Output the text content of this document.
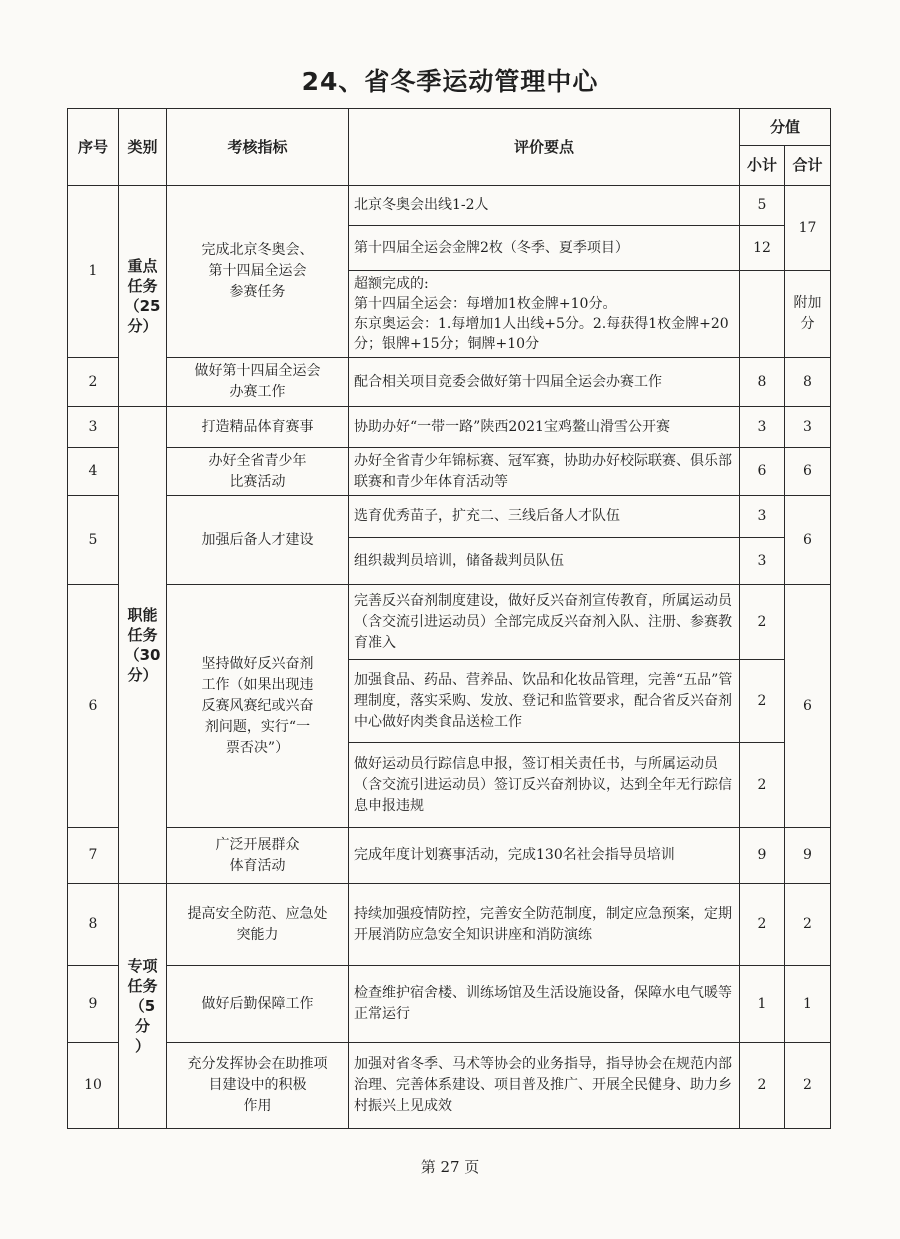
24、省冬季运动管理中心
序号	类别	考核指标	评价要点	分值	
				小计	合计
1	重点
任务
（25
分）	完成北京冬奥会、
第十四届全运会
参赛任务	北京冬奥会出线1-2人	5	17
			第十四届全运会金牌2枚（冬季、夏季项目）	12	
			超额完成的:
第十四届全运会：每增加1枚金牌+10分。
东京奥运会：1.每增加1人出线+5分。2.每获得1枚金牌+20分；银牌+15分；铜牌+10分		附加
分
2		做好第十四届全运会
办赛工作	配合相关项目竞委会做好第十四届全运会办赛工作	8	8
3	职能
任务
（30
分）	打造精品体育赛事	协助办好“一带一路”陕西2021宝鸡鳌山滑雪公开赛	3	3
4		办好全省青少年
比赛活动	办好全省青少年锦标赛、冠军赛，协助办好校际联赛、俱乐部联赛和青少年体育活动等	6	6
5		加强后备人才建设	选育优秀苗子，扩充二、三线后备人才队伍	3	6
			组织裁判员培训，储备裁判员队伍	3	
6		坚持做好反兴奋剂
工作（如果出现违
反赛风赛纪或兴奋
剂问题，实行“一
票否决”）	完善反兴奋剂制度建设，做好反兴奋剂宣传教育，所属运动员（含交流引进运动员）全部完成反兴奋剂入队、注册、参赛教育准入	2	6
			加强食品、药品、营养品、饮品和化妆品管理，完善“五品”管理制度，落实采购、发放、登记和监管要求，配合省反兴奋剂中心做好肉类食品送检工作	2	
			做好运动员行踪信息申报，签订相关责任书，与所属运动员（含交流引进运动员）签订反兴奋剂协议，达到全年无行踪信息申报违规	2	
7		广泛开展群众
体育活动	完成年度计划赛事活动，完成130名社会指导员培训	9	9
8	专项
任务
（5分
）	提高安全防范、应急处
突能力	持续加强疫情防控，完善安全防范制度，制定应急预案，定期开展消防应急安全知识讲座和消防演练	2	2
9		做好后勤保障工作	检查维护宿舍楼、训练场馆及生活设施设备，保障水电气暖等正常运行	1	1
10		充分发挥协会在助推项
目建设中的积极
作用	加强对省冬季、马术等协会的业务指导，指导协会在规范内部治理、完善体系建设、项目普及推广、开展全民健身、助力乡村振兴上见成效	2	2
第 27 页
